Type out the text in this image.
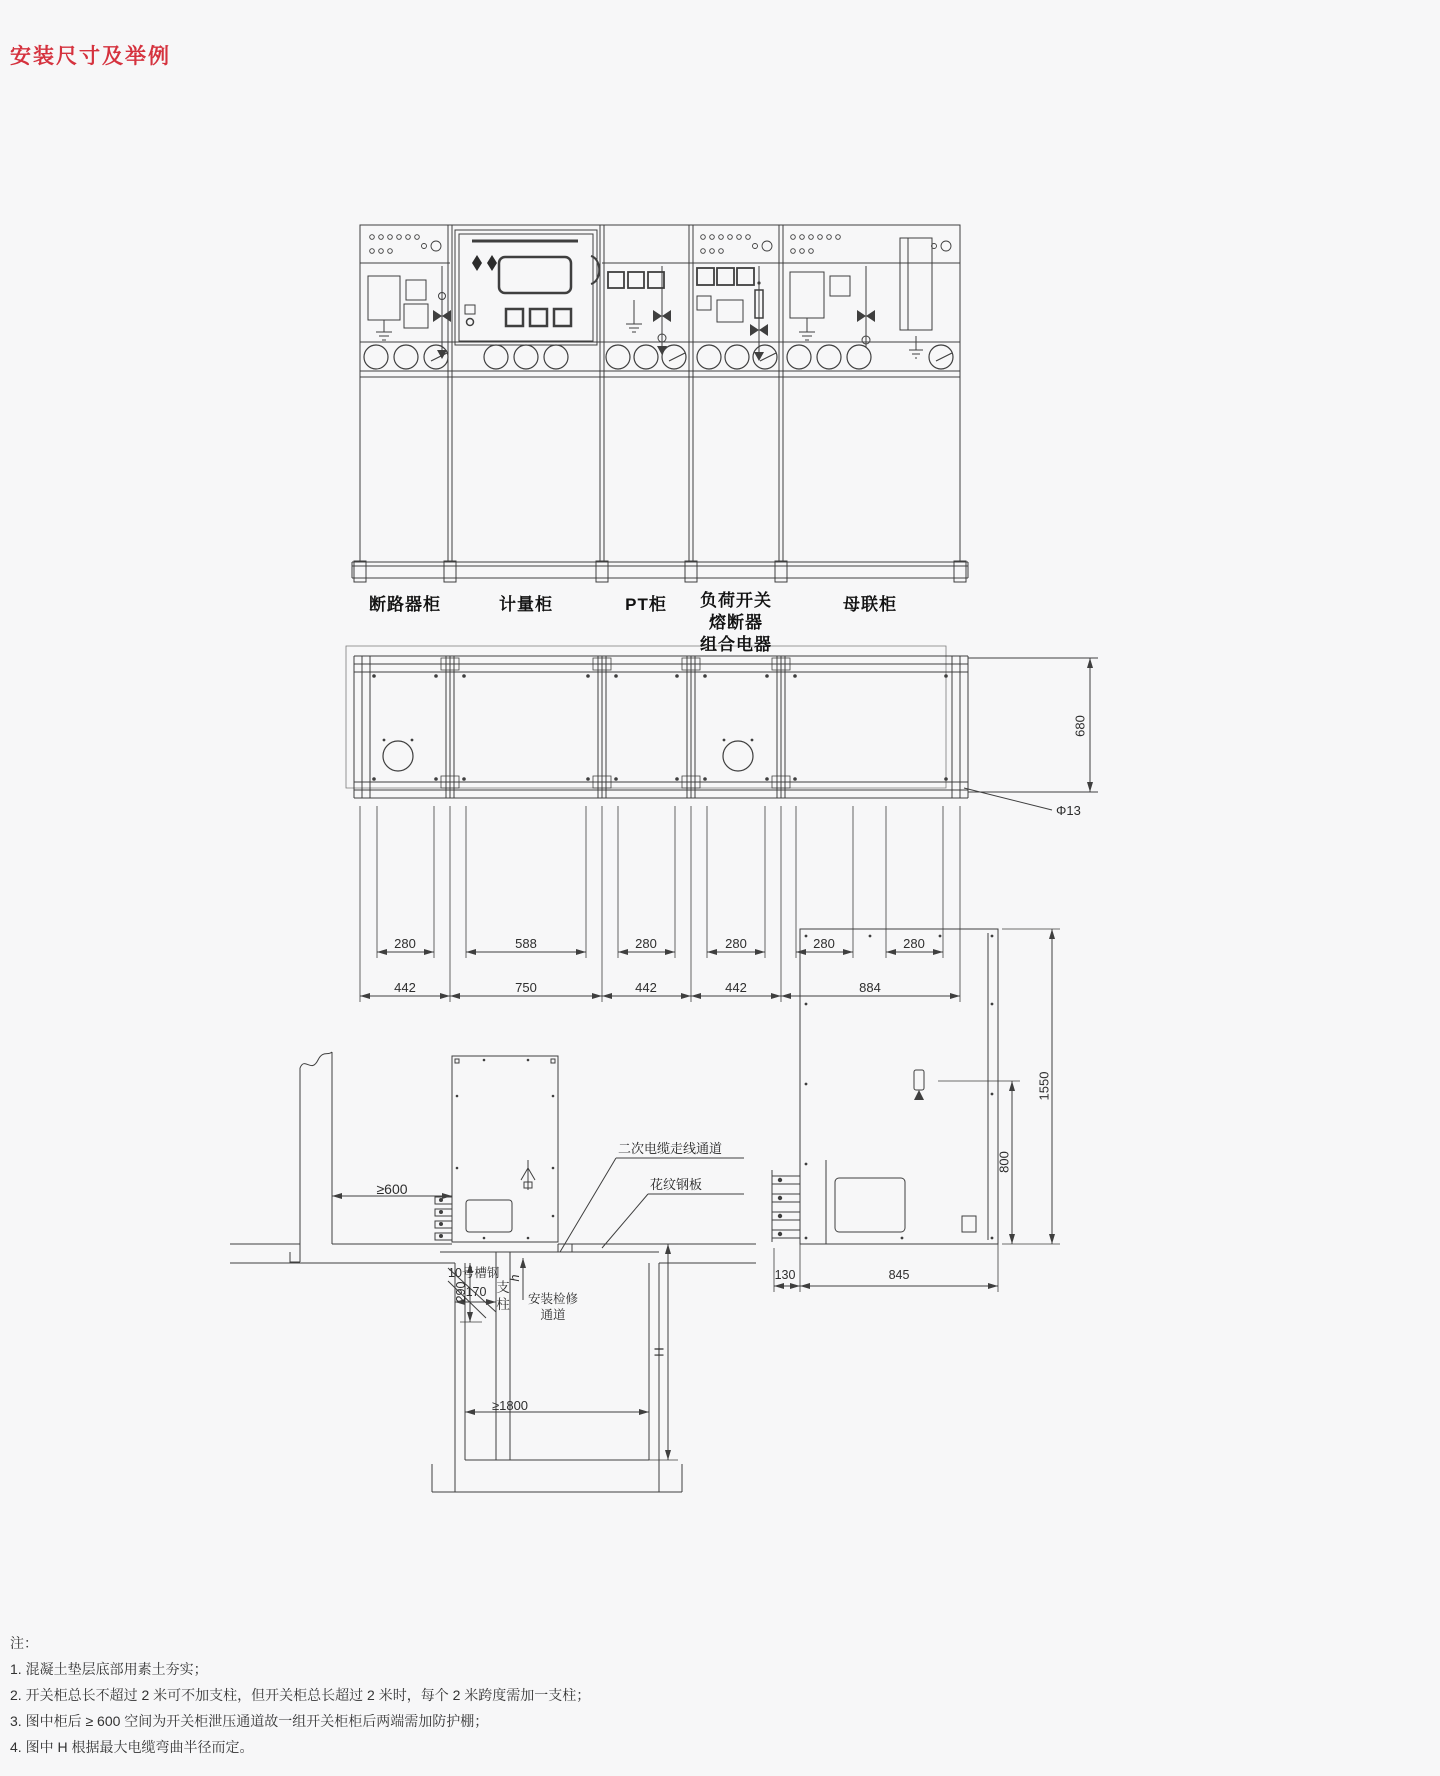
安装尺寸及举例
断路器柜	计量柜	PT柜 负荷开关
熔断器
组合电器
母联柜
280	588	280	280	280	280
442	750	442	442	884
680
Φ13
≥600
二次电缆走线通道
花纹钢板
10号槽钢 h
170
290 支柱	安装检修通道
≥1800
H
1550
800
130	845
注：
1. 混凝土垫层底部用素土夯实；
2. 开关柜总长不超过 2 米可不加支柱，但开关柜总长超过 2 米时，每个 2 米跨度需加一支柱；
3. 图中柜后 ≥ 600 空间为开关柜泄压通道故一组开关柜柜后两端需加防护棚；
4. 图中 H 根据最大电缆弯曲半径而定。
